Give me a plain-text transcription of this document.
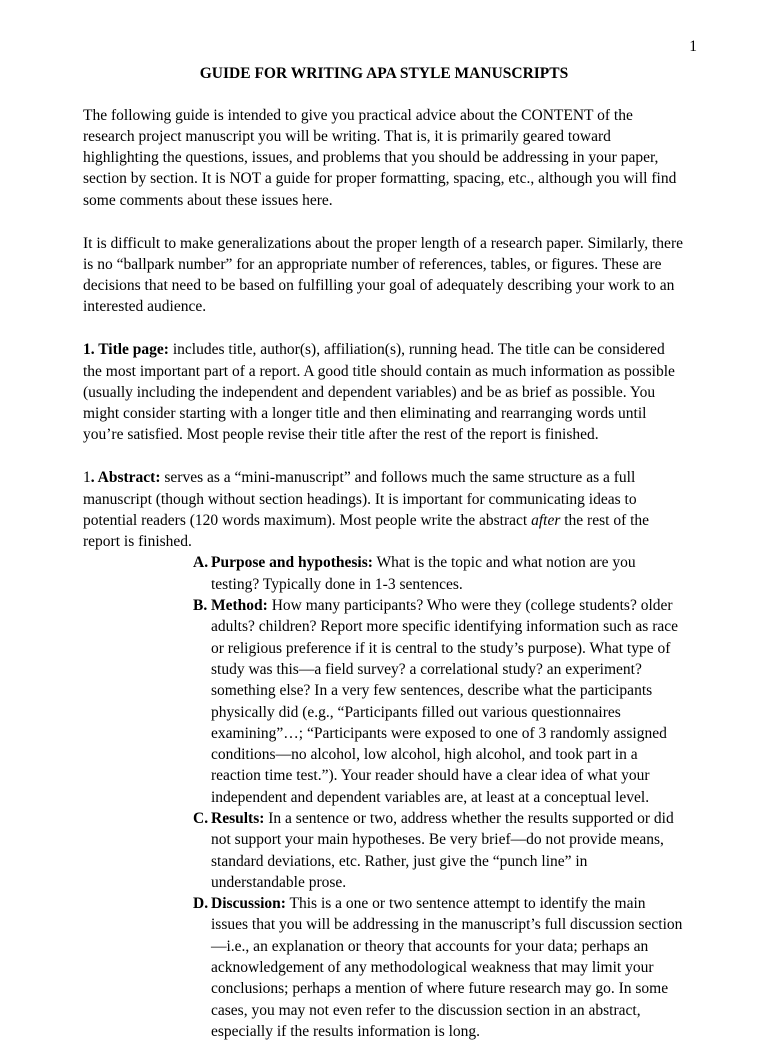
1
GUIDE FOR WRITING APA STYLE MANUSCRIPTS

The following guide is intended to give you practical advice about the CONTENT of the research project manuscript you will be writing. That is, it is primarily geared toward highlighting the questions, issues, and problems that you should be addressing in your paper, section by section. It is NOT a guide for proper formatting, spacing, etc., although you will find some comments about these issues here.

It is difficult to make generalizations about the proper length of a research paper. Similarly, there is no “ballpark number” for an appropriate number of references, tables, or figures. These are decisions that need to be based on fulfilling your goal of adequately describing your work to an interested audience.

1. Title page: includes title, author(s), affiliation(s), running head. The title can be considered the most important part of a report. A good title should contain as much information as possible (usually including the independent and dependent variables) and be as brief as possible. You might consider starting with a longer title and then eliminating and rearranging words until you’re satisfied. Most people revise their title after the rest of the report is finished.

1. Abstract: serves as a “mini-manuscript” and follows much the same structure as a full manuscript (though without section headings). It is important for communicating ideas to potential readers (120 words maximum). Most people write the abstract after the rest of the report is finished.
A. Purpose and hypothesis: What is the topic and what notion are you testing? Typically done in 1-3 sentences.
B. Method: How many participants? Who were they (college students? older adults? children? Report more specific identifying information such as race or religious preference if it is central to the study’s purpose). What type of study was this—a field survey? a correlational study? an experiment? something else? In a very few sentences, describe what the participants physically did (e.g., “Participants filled out various questionnaires examining”…; “Participants were exposed to one of 3 randomly assigned conditions—no alcohol, low alcohol, high alcohol, and took part in a reaction time test.”). Your reader should have a clear idea of what your independent and dependent variables are, at least at a conceptual level.
C. Results: In a sentence or two, address whether the results supported or did not support your main hypotheses. Be very brief—do not provide means, standard deviations, etc. Rather, just give the “punch line” in understandable prose.
D. Discussion: This is a one or two sentence attempt to identify the main issues that you will be addressing in the manuscript’s full discussion section—i.e., an explanation or theory that accounts for your data; perhaps an acknowledgement of any methodological weakness that may limit your conclusions; perhaps a mention of where future research may go. In some cases, you may not even refer to the discussion section in an abstract, especially if the results information is long.
